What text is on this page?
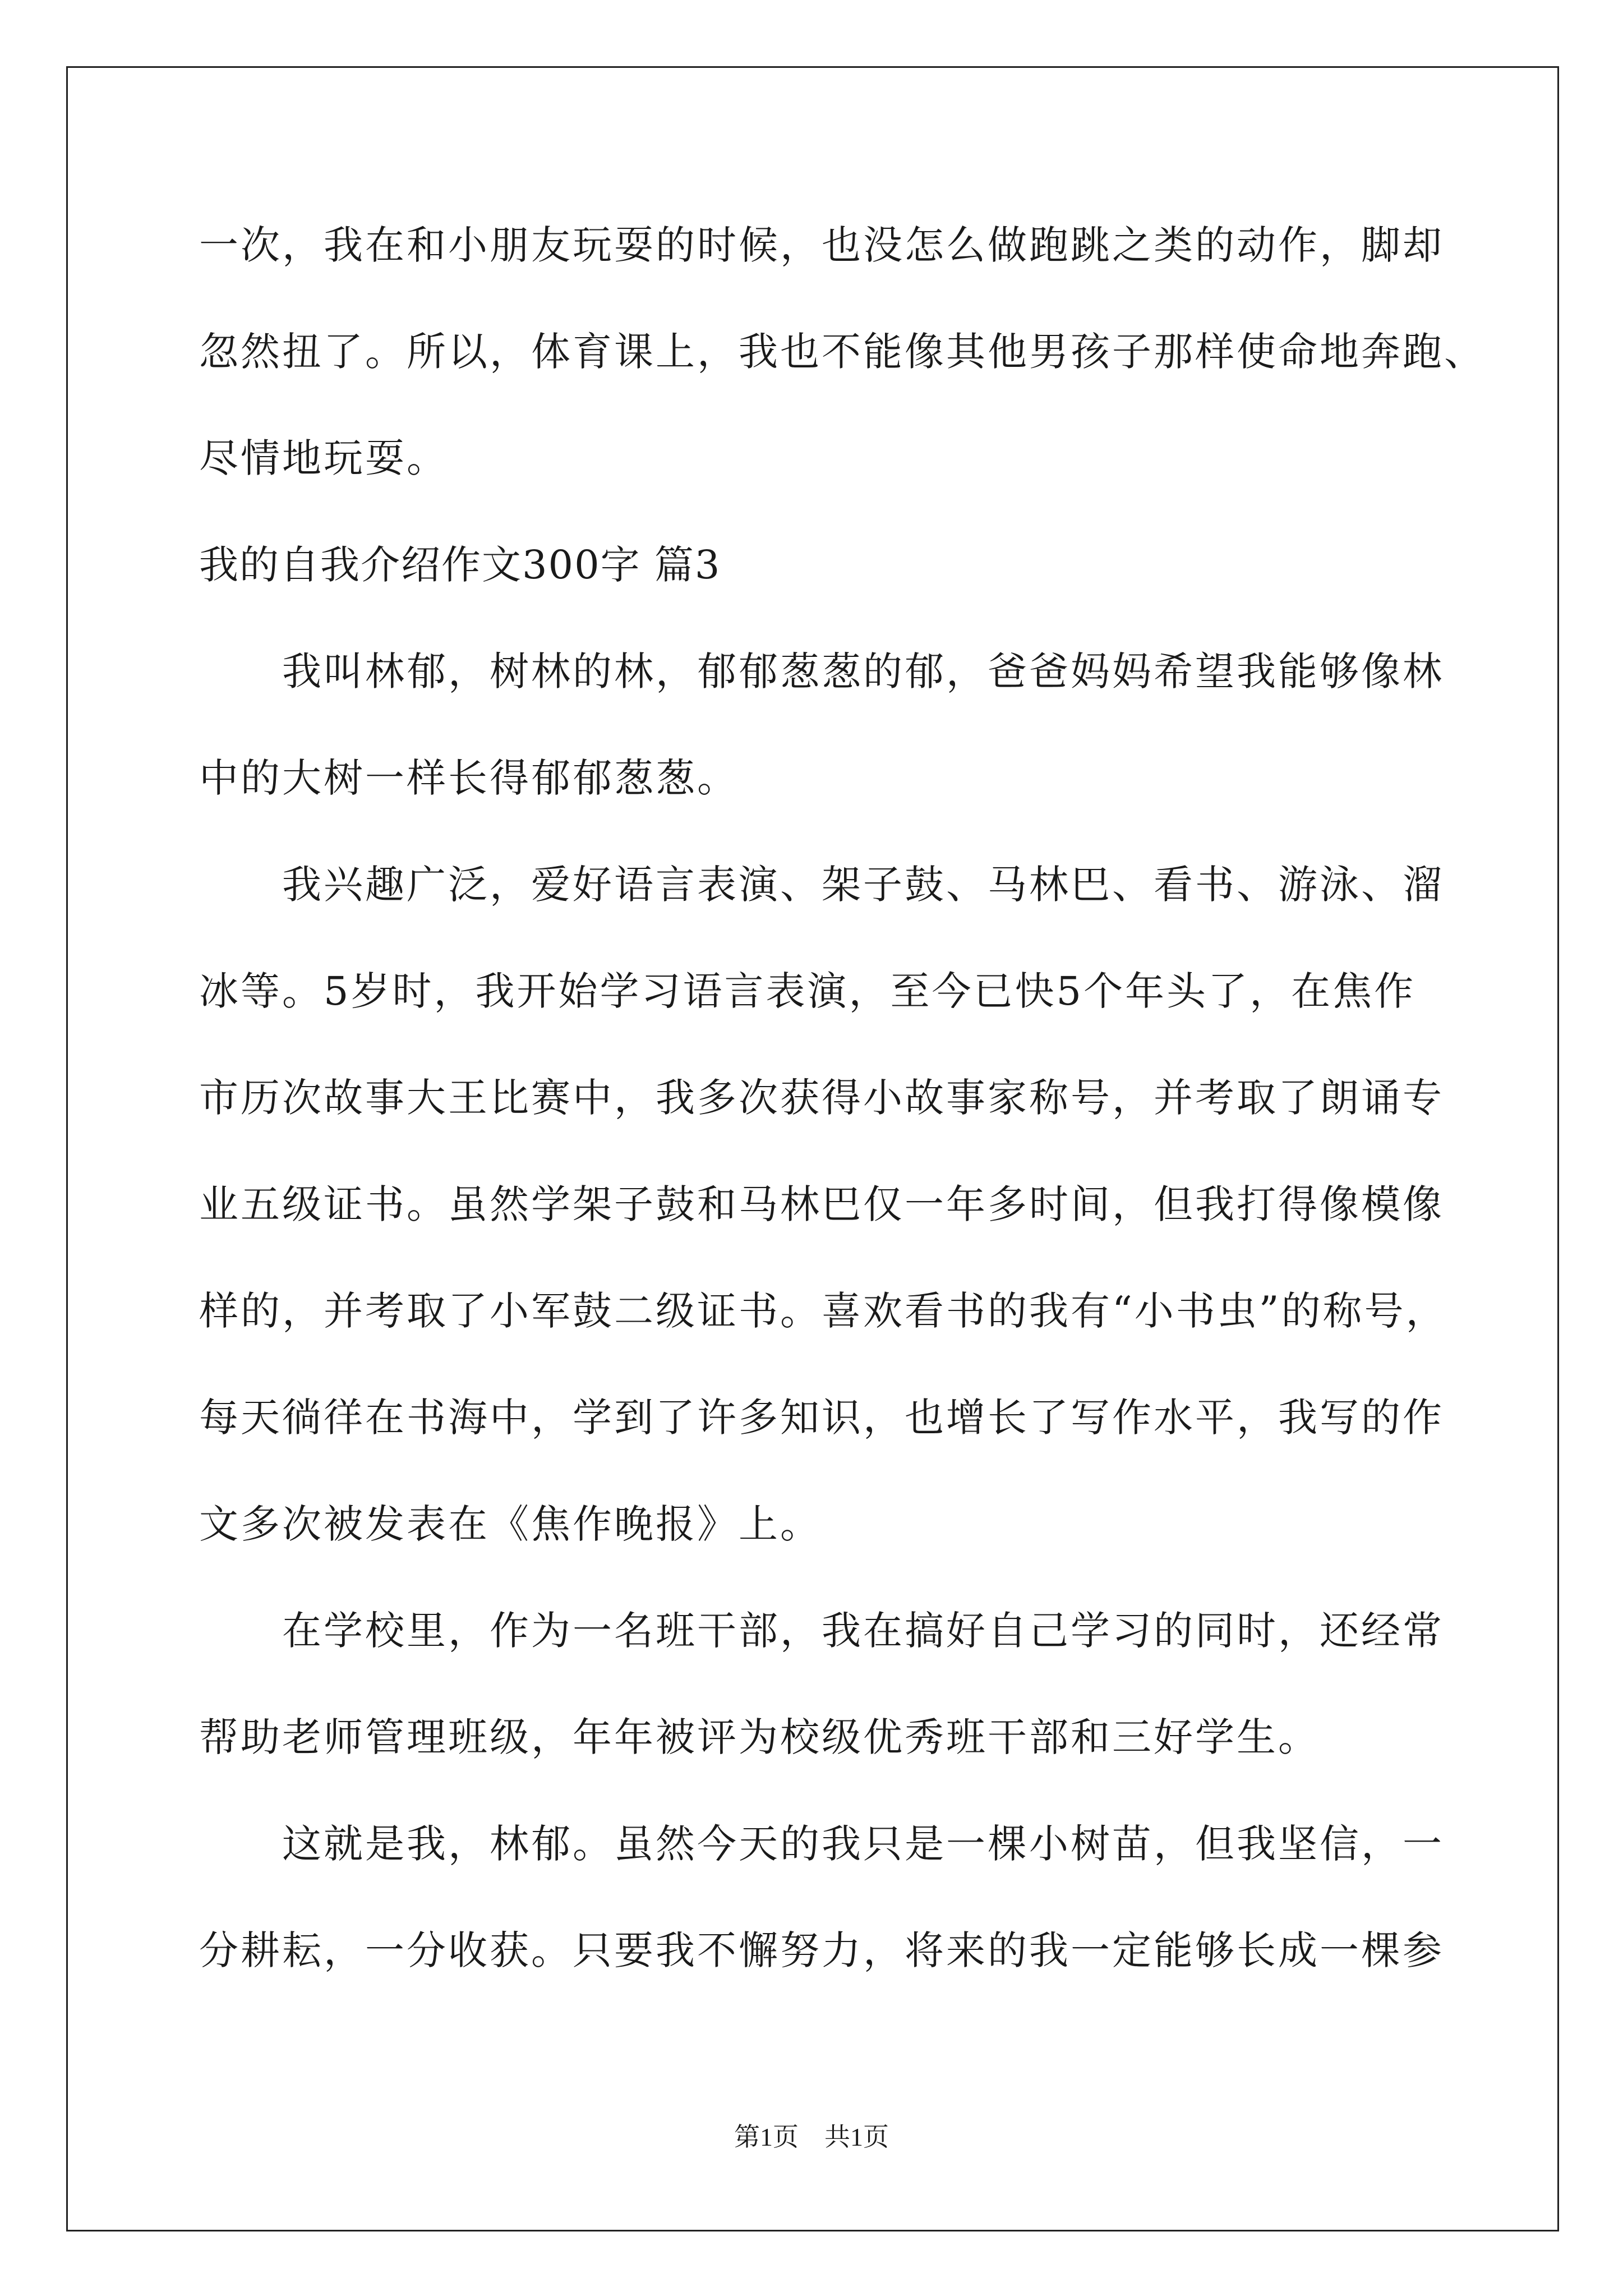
一次，我在和小朋友玩耍的时候，也没怎么做跑跳之类的动作，脚却
忽然扭了。所以，体育课上，我也不能像其他男孩子那样使命地奔跑、
尽情地玩耍。
我的自我介绍作文300字 篇3
　　我叫林郁，树林的林，郁郁葱葱的郁，爸爸妈妈希望我能够像林
中的大树一样长得郁郁葱葱。
　　我兴趣广泛，爱好语言表演、架子鼓、马林巴、看书、游泳、溜
冰等。5岁时，我开始学习语言表演，至今已快5个年头了，在焦作
市历次故事大王比赛中，我多次获得小故事家称号，并考取了朗诵专
业五级证书。虽然学架子鼓和马林巴仅一年多时间，但我打得像模像
样的，并考取了小军鼓二级证书。喜欢看书的我有“小书虫”的称号，
每天徜徉在书海中，学到了许多知识，也增长了写作水平，我写的作
文多次被发表在《焦作晚报》上。
　　在学校里，作为一名班干部，我在搞好自己学习的同时，还经常
帮助老师管理班级，年年被评为校级优秀班干部和三好学生。
　　这就是我，林郁。虽然今天的我只是一棵小树苗，但我坚信，一
分耕耘，一分收获。只要我不懈努力，将来的我一定能够长成一棵参
第1页　共1页
